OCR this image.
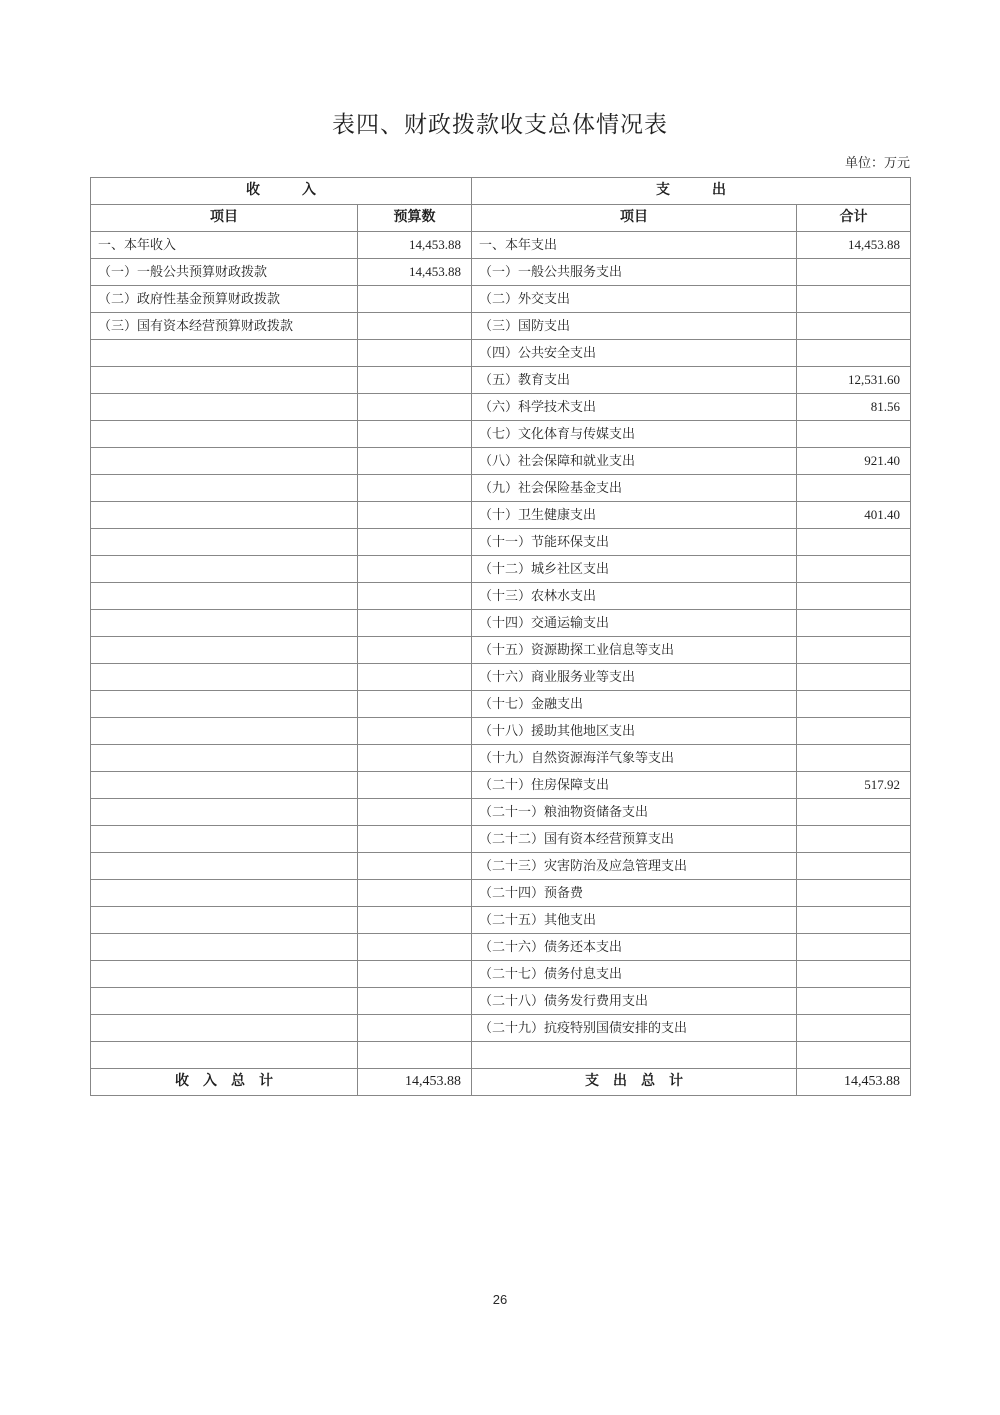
表四、财政拨款收支总体情况表
单位：万元
收　　　入		支　　　出	
项目	预算数	项目	合计
一、本年收入	14,453.88	一、本年支出	14,453.88
（一）一般公共预算财政拨款	14,453.88	（一）一般公共服务支出	
（二）政府性基金预算财政拨款		（二）外交支出	
（三）国有资本经营预算财政拨款		（三）国防支出	
		（四）公共安全支出	
		（五）教育支出	12,531.60
		（六）科学技术支出	81.56
		（七）文化体育与传媒支出	
		（八）社会保障和就业支出	921.40
		（九）社会保险基金支出	
		（十）卫生健康支出	401.40
		（十一）节能环保支出	
		（十二）城乡社区支出	
		（十三）农林水支出	
		（十四）交通运输支出	
		（十五）资源勘探工业信息等支出	
		（十六）商业服务业等支出	
		（十七）金融支出	
		（十八）援助其他地区支出	
		（十九）自然资源海洋气象等支出	
		（二十）住房保障支出	517.92
		（二十一）粮油物资储备支出	
		（二十二）国有资本经营预算支出	
		（二十三）灾害防治及应急管理支出	
		（二十四）预备费	
		（二十五）其他支出	
		（二十六）债务还本支出	
		（二十七）债务付息支出	
		（二十八）债务发行费用支出	
		（二十九）抗疫特别国债安排的支出	

收　入　总　计	14,453.88	支　出　总　计	14,453.88
26
